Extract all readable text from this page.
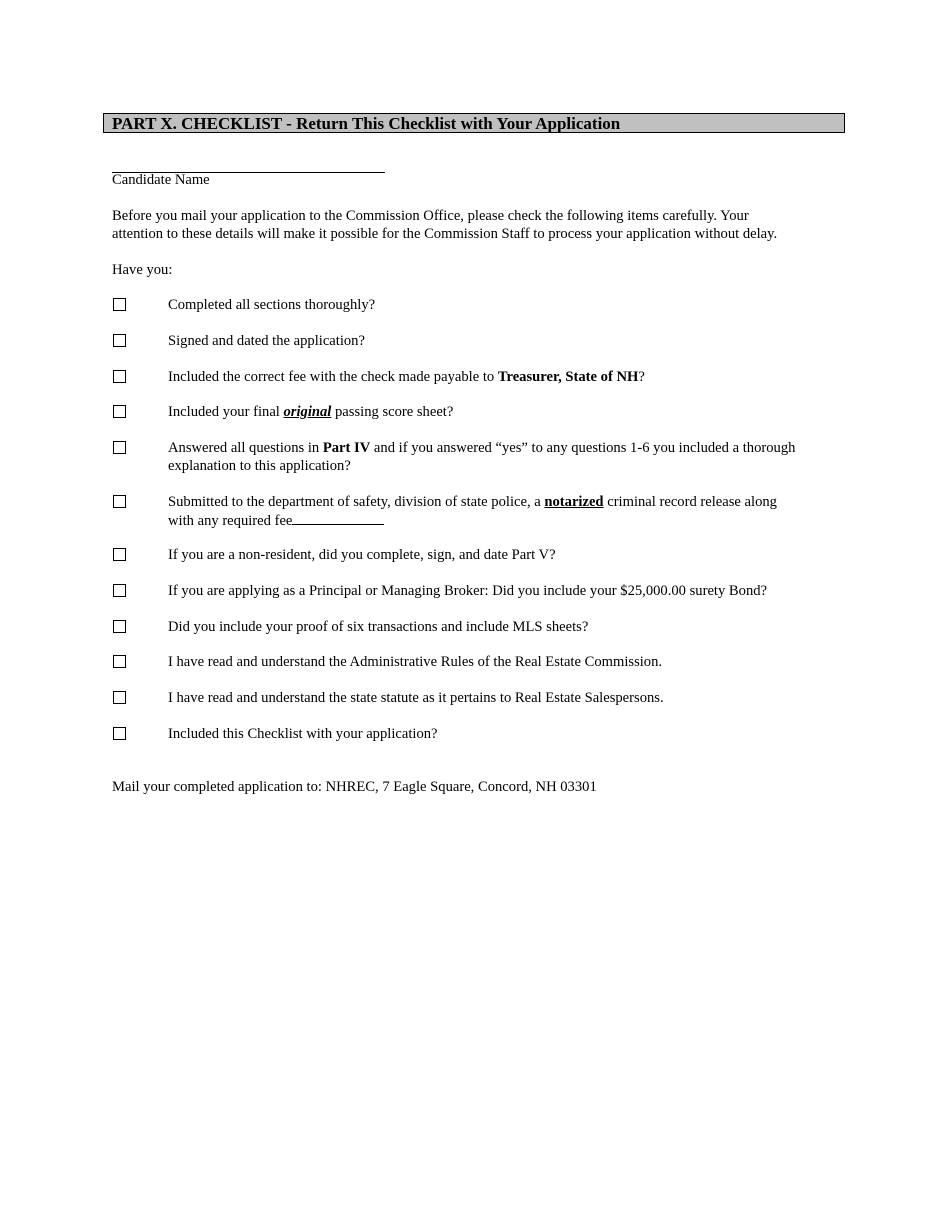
PART X. CHECKLIST - Return This Checklist with Your Application
Candidate Name
Before you mail your application to the Commission Office, please check the following items carefully. Your
attention to these details will make it possible for the Commission Staff to process your application without delay.
Have you:
Completed all sections thoroughly?
Signed and dated the application?
Included the correct fee with the check made payable to Treasurer, State of NH?
Included your final original passing score sheet?
Answered all questions in Part IV and if you answered “yes” to any questions 1-6 you included a thorough
explanation to this application?
Submitted to the department of safety, division of state police, a notarized criminal record release along
with any required fee
If you are a non-resident, did you complete, sign, and date Part V?
If you are applying as a Principal or Managing Broker: Did you include your $25,000.00 surety Bond?
Did you include your proof of six transactions and include MLS sheets?
I have read and understand the Administrative Rules of the Real Estate Commission.
I have read and understand the state statute as it pertains to Real Estate Salespersons.
Included this Checklist with your application?
Mail your completed application to: NHREC, 7 Eagle Square, Concord, NH 03301
